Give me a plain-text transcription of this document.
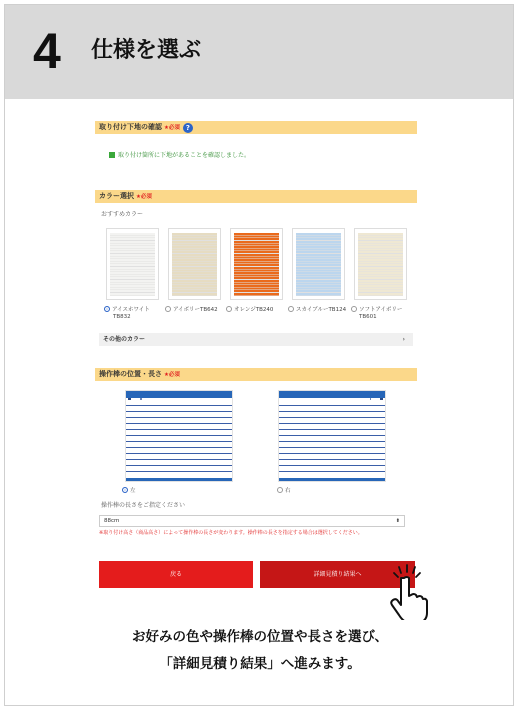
4 仕様を選ぶ
取り付け下地の確認 ★必須 ?
取り付け箇所に下地があることを確認しました。
カラー選択 ★必須
おすすめカラー
アイスホワイト
TB832
アイボリーTB642	オレンジTB240	スカイブルーTB124	ソフトアイボリー
TB601
その他のカラー	›
操作棒の位置・長さ ★必須
左	右
操作棒の長さをご指定ください
88cm	⬍
※取り付け高さ（商品高さ）によって操作棒の長さが変わります。操作棒の長さを指定する場合は選択してください。
戻る	詳細見積り結果へ
お好みの色や操作棒の位置や長さを選び、
「詳細見積り結果」へ進みます。
